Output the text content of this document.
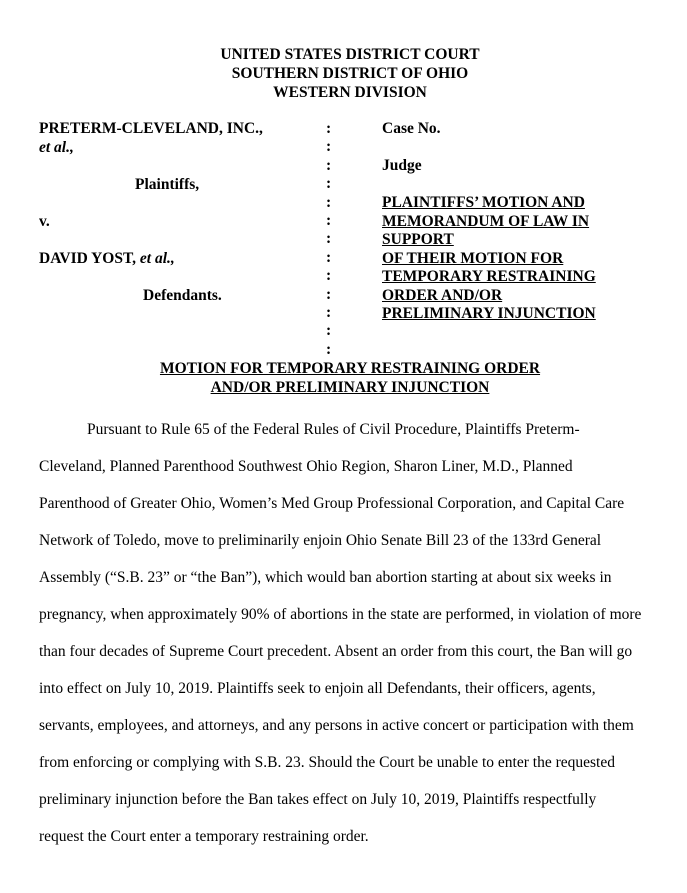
UNITED STATES DISTRICT COURT
SOUTHERN DISTRICT OF OHIO
WESTERN DIVISION
PRETERM-CLEVELAND, INC.,
et al.,
Plaintiffs,
v.
DAVID YOST, et al.,
Defendants.
:
:
:
:
:
:
:
:
:
:
:
:
:
Case No.
Judge
PLAINTIFFS’ MOTION AND
MEMORANDUM OF LAW IN
SUPPORT
OF THEIR MOTION FOR
TEMPORARY RESTRAINING
ORDER AND/OR
PRELIMINARY INJUNCTION
MOTION FOR TEMPORARY RESTRAINING ORDER
AND/OR PRELIMINARY INJUNCTION
Pursuant to Rule 65 of the Federal Rules of Civil Procedure, Plaintiffs Preterm-
Cleveland, Planned Parenthood Southwest Ohio Region, Sharon Liner, M.D., Planned
Parenthood of Greater Ohio, Women’s Med Group Professional Corporation, and Capital Care
Network of Toledo, move to preliminarily enjoin Ohio Senate Bill 23 of the 133rd General
Assembly (“S.B. 23” or “the Ban”), which would ban abortion starting at about six weeks in
pregnancy, when approximately 90% of abortions in the state are performed, in violation of more
than four decades of Supreme Court precedent. Absent an order from this court, the Ban will go
into effect on July 10, 2019. Plaintiffs seek to enjoin all Defendants, their officers, agents,
servants, employees, and attorneys, and any persons in active concert or participation with them
from enforcing or complying with S.B. 23. Should the Court be unable to enter the requested
preliminary injunction before the Ban takes effect on July 10, 2019, Plaintiffs respectfully
request the Court enter a temporary restraining order.
